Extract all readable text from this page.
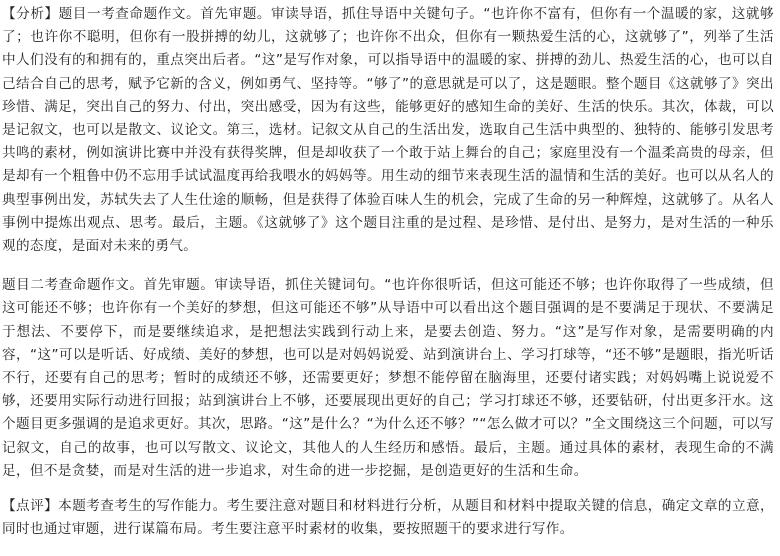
【分析】题目一考查命题作文。首先审题。审读导语，抓住导语中关键句子。“也许你不富有，但你有一个温暖的家，这就够了；也许你不聪明，但你有一股拼搏的幼儿，这就够了；也许你不出众，但你有一颗热爱生活的心，这就够了”，列举了生活中人们没有的和拥有的，重点突出后者。“这”是写作对象，可以指导语中的温暖的家、拼搏的劲儿、热爱生活的心，也可以自己结合自己的思考，赋予它新的含义，例如勇气、坚持等。“够了”的意思就是可以了，这是题眼。整个题目《这就够了》突出珍惜、满足，突出自己的努力、付出，突出感受，因为有这些，能够更好的感知生命的美好、生活的快乐。其次，体裁，可以是记叙文，也可以是散文、议论文。第三，选材。记叙文从自己的生活出发，选取自己生活中典型的、独特的、能够引发思考共鸣的素材，例如演讲比赛中并没有获得奖牌，但是却收获了一个敢于站上舞台的自己；家庭里没有一个温柔高贵的母亲，但是却有一个粗鲁中仍不忘用手试试温度再给我喂水的妈妈等。用生动的细节来表现生活的温情和生活的美好。也可以从名人的典型事例出发，苏轼失去了人生仕途的顺畅，但是获得了体验百味人生的机会，完成了生命的另一种辉煌，这就够了。从名人事例中提炼出观点、思考。最后，主题。《这就够了》这个题目注重的是过程、是珍惜、是付出、是努力，是对生活的一种乐观的态度，是面对未来的勇气。

题目二考查命题作文。首先审题。审读导语，抓住关键词句。“也许你很听话，但这可能还不够；也许你取得了一些成绩，但这可能还不够；也许你有一个美好的梦想，但这可能还不够”从导语中可以看出这个题目强调的是不要满足于现状、不要满足于想法、不要停下，而是要继续追求，是把想法实践到行动上来，是要去创造、努力。“这”是写作对象，是需要明确的内容，“这”可以是听话、好成绩、美好的梦想，也可以是对妈妈说爱、站到演讲台上、学习打球等，“还不够”是题眼，指光听话不行，还要有自己的思考；暂时的成绩还不够，还需要更好；梦想不能停留在脑海里，还要付诸实践；对妈妈嘴上说说爱不够，还要用实际行动进行回报；站到演讲台上不够，还要展现出更好的自己；学习打球还不够，还要钻研，付出更多汗水。这个题目更多强调的是追求更好。其次，思路。“这”是什么？“为什么还不够？”“怎么做才可以？”全文围绕这三个问题，可以写记叙文，自己的故事，也可以写散文、议论文，其他人的人生经历和感悟。最后，主题。通过具体的素材，表现生命的不满足，但不是贪婪，而是对生活的进一步追求，对生命的进一步挖掘，是创造更好的生活和生命。

【点评】本题考查考生的写作能力。考生要注意对题目和材料进行分析，从题目和材料中提取关键的信息，确定文章的立意，同时也通过审题，进行谋篇布局。考生要注意平时素材的收集，要按照题干的要求进行写作。
